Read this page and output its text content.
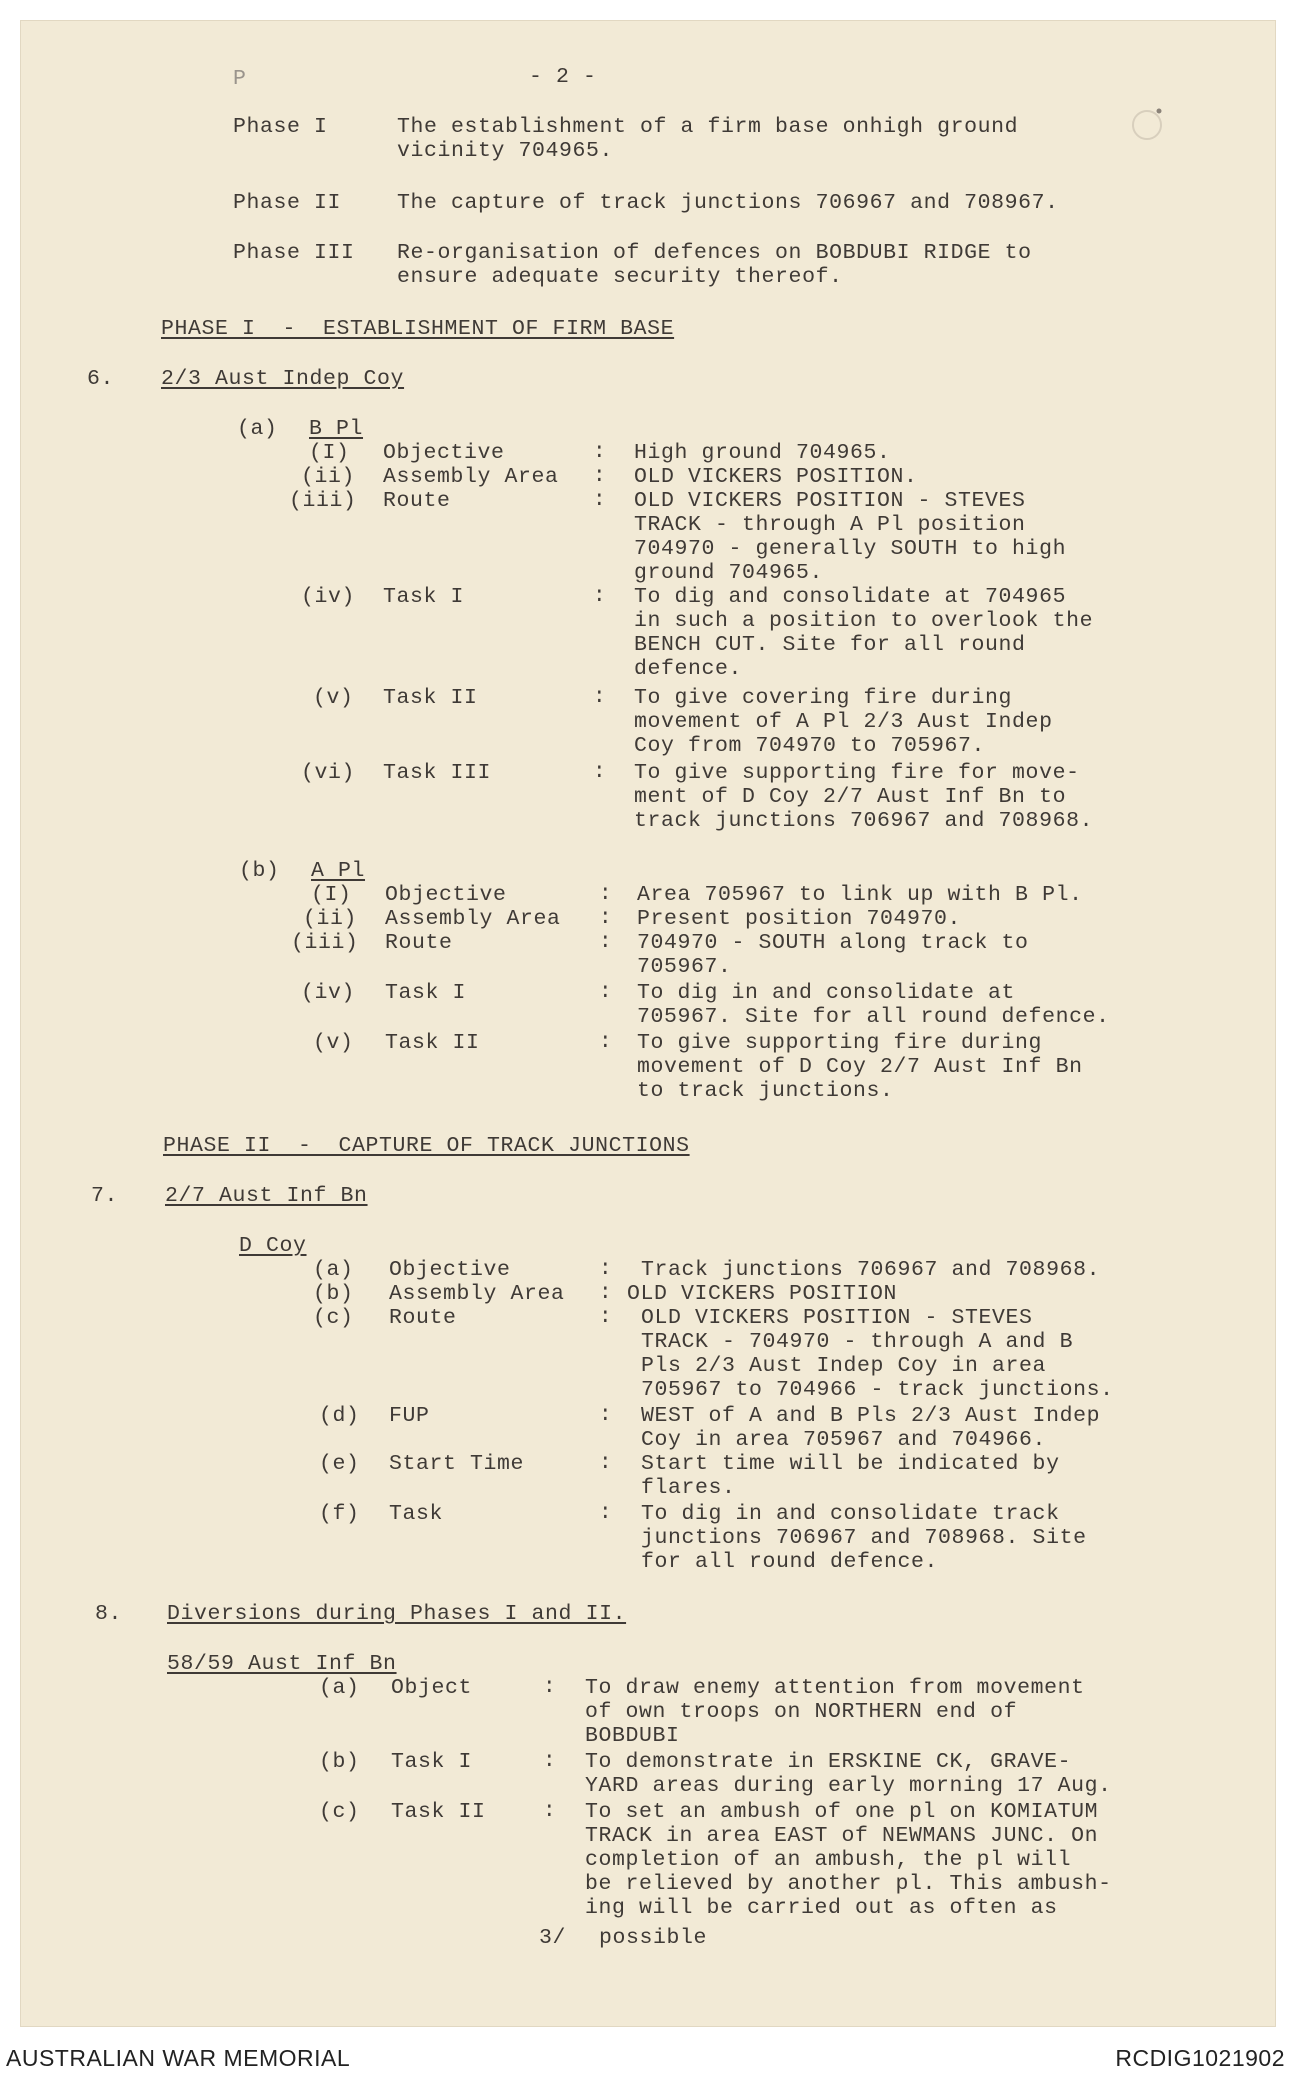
P	- 2 -
Phase I	The establishment of a firm base onhigh ground
vicinity 704965.
Phase II	The capture of track junctions 706967 and 708967.
Phase III Re-organisation of defences on BOBDUBI RIDGE to
ensure adequate security thereof.
PHASE I  -  ESTABLISHMENT OF FIRM BASE
6. 2/3 Aust Indep Coy
(a) B Pl
(I) Objective	: High ground 704965.
(ii) Assembly Area : OLD VICKERS POSITION.
(iii) Route	: OLD VICKERS POSITION - STEVES
TRACK - through A Pl position
704970 - generally SOUTH to high
ground 704965.
(iv) Task I	: To dig and consolidate at 704965
in such a position to overlook the
BENCH CUT. Site for all round
defence.
(v) Task II	: To give covering fire during
movement of A Pl 2/3 Aust Indep
Coy from 704970 to 705967.
(vi) Task III	: To give supporting fire for move-
ment of D Coy 2/7 Aust Inf Bn to
track junctions 706967 and 708968.
(b) A Pl
(I) Objective	: Area 705967 to link up with B Pl.
(ii) Assembly Area : Present position 704970.
(iii) Route	: 704970 - SOUTH along track to
705967.
(iv) Task I	: To dig in and consolidate at
705967. Site for all round defence.
(v) Task II	: To give supporting fire during
movement of D Coy 2/7 Aust Inf Bn
to track junctions.
PHASE II  -  CAPTURE OF TRACK JUNCTIONS
7. 2/7 Aust Inf Bn
D Coy
(a) Objective	: Track junctions 706967 and 708968.
(b) Assembly Area : OLD VICKERS POSITION
(c) Route	: OLD VICKERS POSITION - STEVES
TRACK - 704970 - through A and B
Pls 2/3 Aust Indep Coy in area
705967 to 704966 - track junctions.
(d) FUP	: WEST of A and B Pls 2/3 Aust Indep
Coy in area 705967 and 704966.
(e) Start Time	: Start time will be indicated by
flares.
(f) Task	: To dig in and consolidate track
junctions 706967 and 708968. Site
for all round defence.
8. Diversions during Phases I and II.
58/59 Aust Inf Bn
(a) Object	: To draw enemy attention from movement
of own troops on NORTHERN end of
BOBDUBI
(b) Task I	: To demonstrate in ERSKINE CK, GRAVE-
YARD areas during early morning 17 Aug.
(c) Task II	: To set an ambush of one pl on KOMIATUM
TRACK in area EAST of NEWMANS JUNC. On
completion of an ambush, the pl will
be relieved by another pl. This ambush-
ing will be carried out as often as
3/ possible
AUSTRALIAN WAR MEMORIAL	RCDIG1021902
